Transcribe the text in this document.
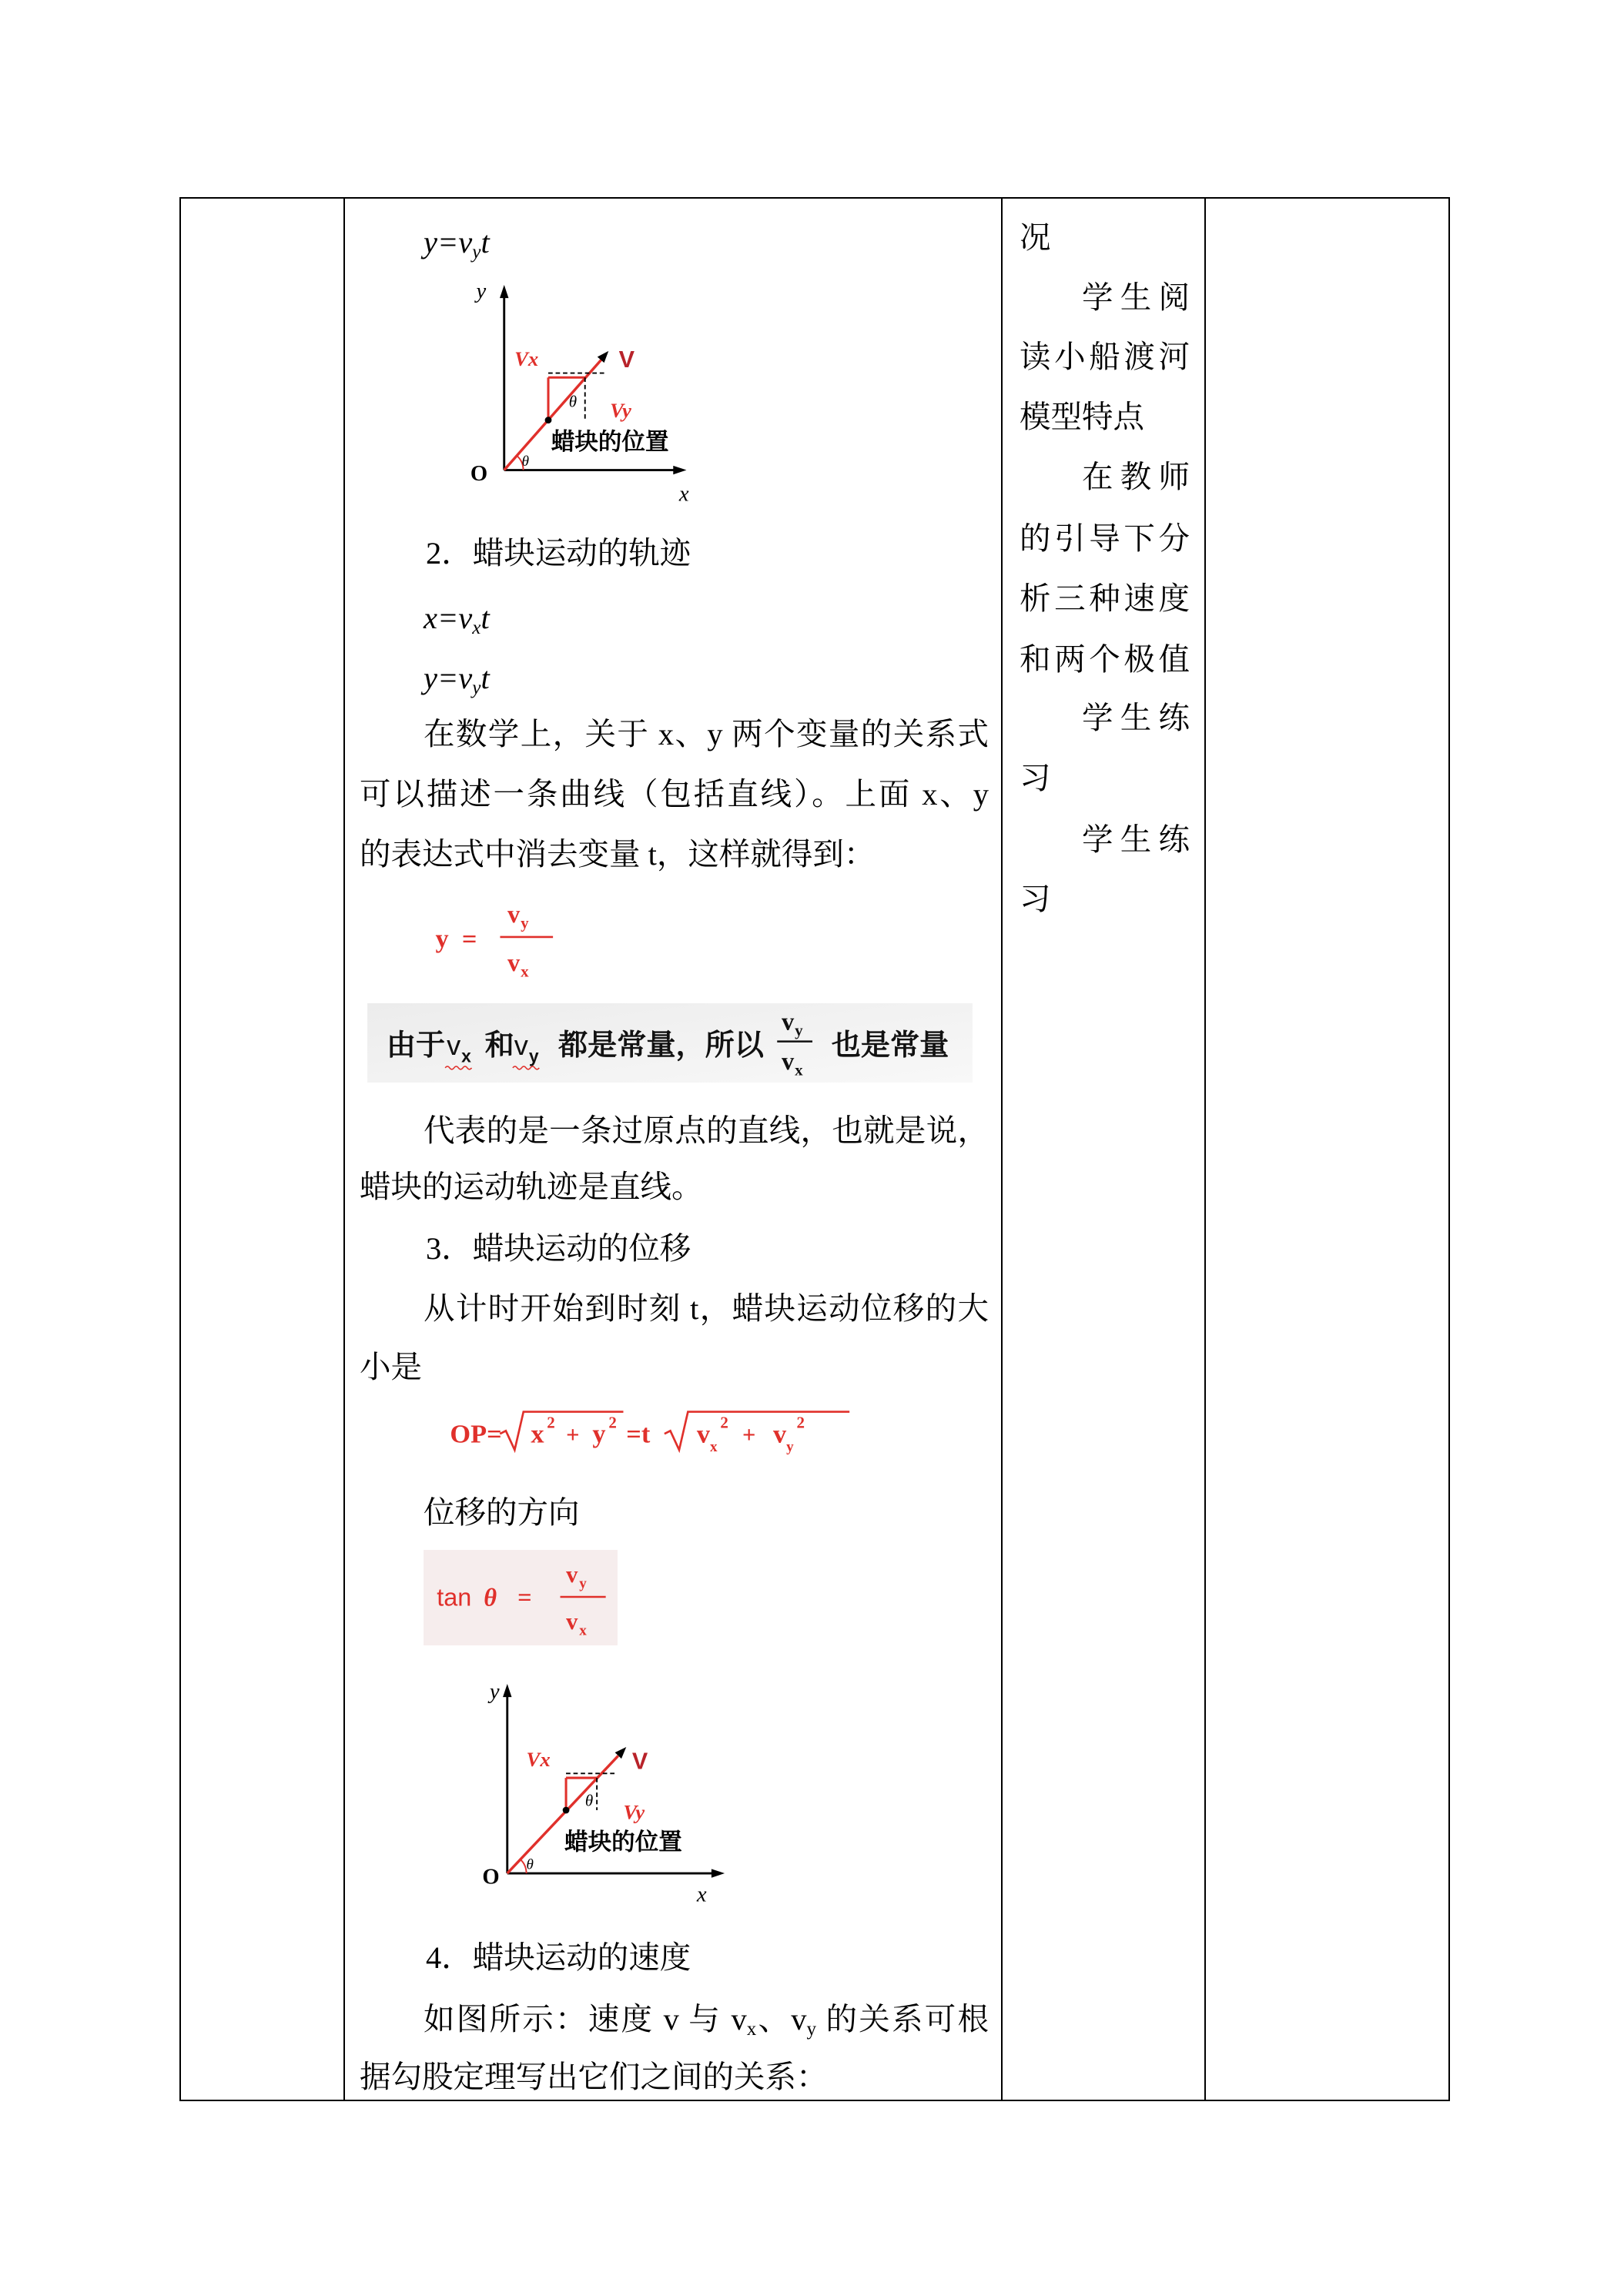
y=vyt
y
x
O	θ
Vx	V
θ	Vy
蜡块的位置
2．蜡块运动的轨迹
x=vxt
y=vyt
在数学上，关于 x、y 两个变量的关系式
可以描述一条曲线（包括直线）。上面 x、y
的表达式中消去变量 t，这样就得到：
y =
v y
v x
由于 v x 和 v y 都是常量，所以
v y
v x
也是常量
代表的是一条过原点的直线，也就是说，
蜡块的运动轨迹是直线。
3．蜡块运动的位移
从计时开始到时刻 t，蜡块运动位移的大
小是
OP= x 2 + y 2 =t	v x
2 + v y
2
位移的方向
tan θ =
v y
v x
y
x
O
θ
Vx	V
θ
Vy
蜡块的位置
4．蜡块运动的速度
如图所示：速度 v 与 vx、vy 的关系可根
据勾股定理写出它们之间的关系：
况
学生阅
读小船渡河
模型特点
在教师
的引导下分
析三种速度
和两个极值
学生练
习
学生练
习
